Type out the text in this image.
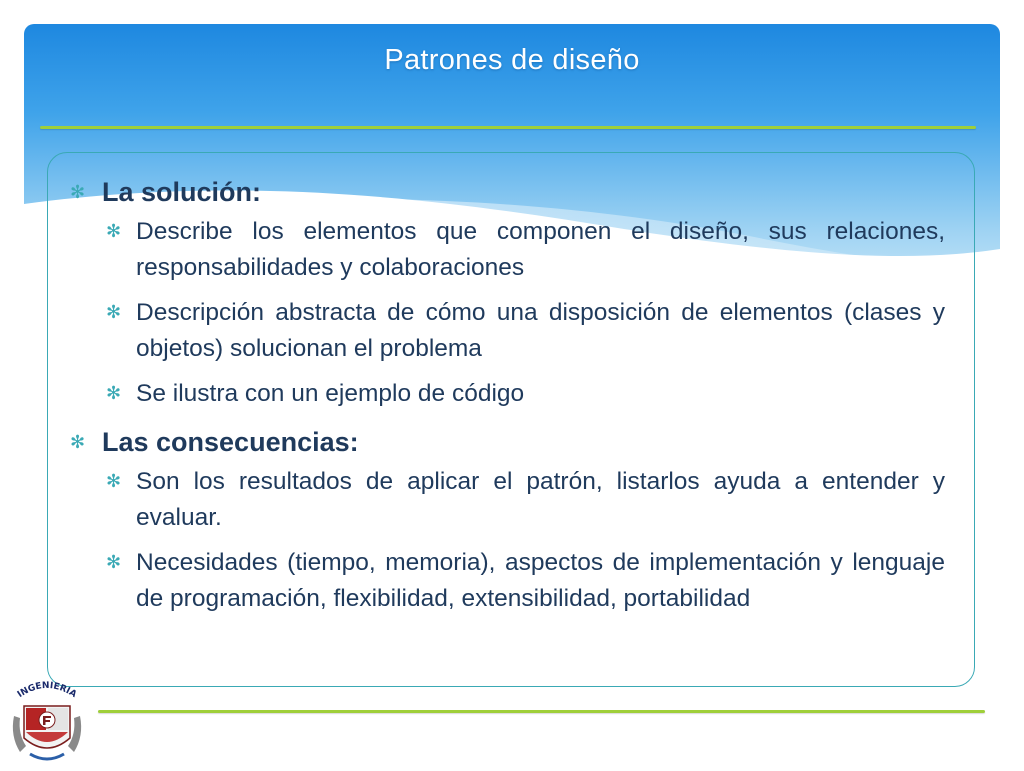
Patrones de diseño
✻ La solución:
✻ Describe los elementos que componen el diseño, sus relaciones, responsabilidades y colaboraciones
✻ Descripción abstracta de cómo una disposición de elementos (clases y objetos) solucionan el problema
✻ Se ilustra con un ejemplo de código
✻ Las consecuencias:
✻ Son los resultados de aplicar el patrón, listarlos ayuda a entender y evaluar.
✻ Necesidades (tiempo, memoria), aspectos de implementación y lenguaje de programación, flexibilidad, extensibilidad, portabilidad
INGENIERIA
